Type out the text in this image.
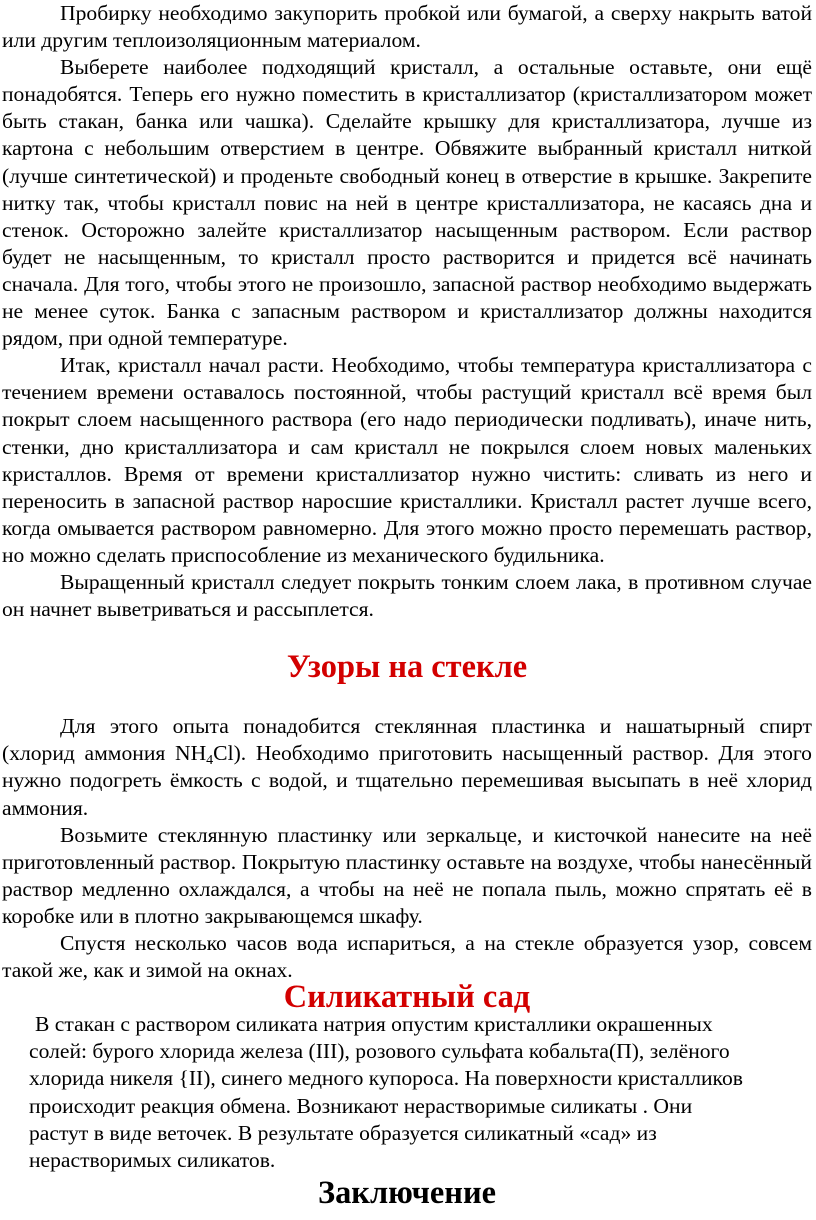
Пробирку необходимо закупорить пробкой или бумагой, а сверху накрыть ватой или другим теплоизоляционным материалом.

Выберете наиболее подходящий кристалл, а остальные оставьте, они ещё понадобятся. Теперь его нужно поместить в кристаллизатор (кристаллизатором может быть стакан, банка или чашка). Сделайте крышку для кристаллизатора, лучше из картона с небольшим отверстием в центре. Обвяжите выбранный кристалл ниткой (лучше синтетической) и проденьте свободный конец в отверстие в крышке. Закрепите нитку так, чтобы кристалл повис на ней в центре кристаллизатора, не касаясь дна и стенок. Осторожно залейте кристаллизатор насыщенным раствором. Если раствор будет не насыщенным, то кристалл просто растворится и придется всё начинать сначала. Для того, чтобы этого не произошло, запасной раствор необходимо выдержать не менее суток. Банка с запасным раствором и кристаллизатор должны находится рядом, при одной температуре.

Итак, кристалл начал расти. Необходимо, чтобы температура кристаллизатора с течением времени оставалось постоянной, чтобы растущий кристалл всё время был покрыт слоем насыщенного раствора (его надо периодически подливать), иначе нить, стенки, дно кристаллизатора и сам кристалл не покрылся слоем новых маленьких кристаллов. Время от времени кристаллизатор нужно чистить: сливать из него и переносить в запасной раствор наросшие кристаллики. Кристалл растет лучше всего, когда омывается раствором равномерно. Для этого можно просто перемешать раствор, но можно сделать приспособление из механического будильника.

Выращенный кристалл следует покрыть тонким слоем лака, в противном случае он начнет выветриваться и рассыплется.

Узоры на стекле

Для этого опыта понадобится стеклянная пластинка и нашатырный спирт (хлорид аммония $NH_4Cl$). Необходимо приготовить насыщенный раствор. Для этого нужно подогреть ёмкость с водой, и тщательно перемешивая высыпать в неё хлорид аммония.

Возьмите стеклянную пластинку или зеркальце, и кисточкой нанесите на неё приготовленный раствор. Покрытую пластинку оставьте на воздухе, чтобы нанесённый раствор медленно охлаждался, а чтобы на неё не попала пыль, можно спрятать её в коробке или в плотно закрывающемся шкафу.

Спустя несколько часов вода испариться, а на стекле образуется узор, совсем такой же, как и зимой на окнах.

Силикатный сад

В стакан с раствором силиката натрия опустим кристаллики окрашенных солей: бурого хлорида железа (III), розового сульфата кобальта(П), зелёного хлорида никеля {II), синего медного купороса. На поверхности кристалликов происходит реакция обмена. Возникают нерастворимые силикаты . Они растут в виде веточек. В результате образуется силикатный «сад» из нерастворимых силикатов.

Заключение
